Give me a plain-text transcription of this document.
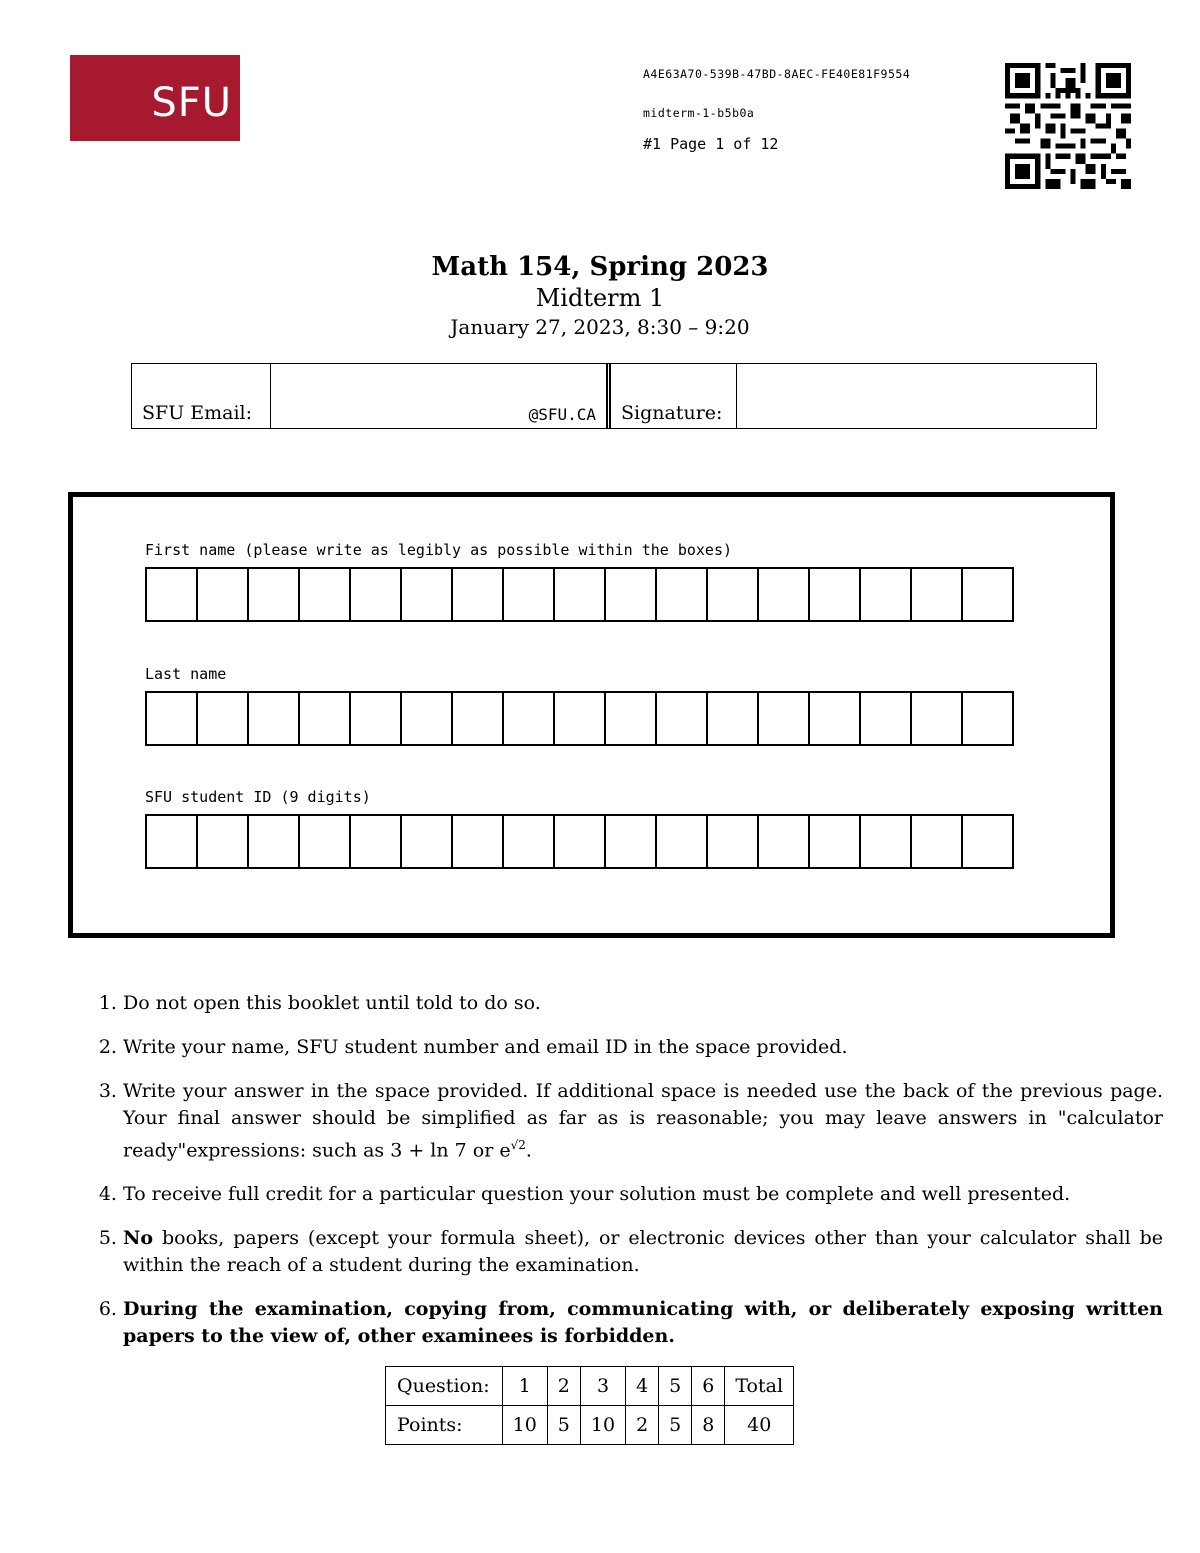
SFU
A4E63A70-539B-47BD-8AEC-FE40E81F9554
midterm-1-b5b0a
#1 Page 1 of 12
Math 154, Spring 2023
Midterm 1
January 27, 2023, 8:30 – 9:20
SFU Email:	@SFU.CA	Signature:	
First name (please write as legibly as possible within the boxes)
Last name
SFU student ID (9 digits)
1. Do not open this booklet until told to do so.
2. Write your name, SFU student number and email ID in the space provided.
3. Write your answer in the space provided. If additional space is needed use the back of the previous page. Your final answer should be simplified as far as is reasonable; you may leave answers in "calculator ready"expressions: such as 3 + ln 7 or $e^{√2}$.
4. To receive full credit for a particular question your solution must be complete and well presented.
5. No books, papers (except your formula sheet), or electronic devices other than your calculator shall be within the reach of a student during the examination.
6. During the examination, copying from, communicating with, or deliberately exposing written papers to the view of, other examinees is forbidden.
Question:	1	2	3	4	5	6	Total
Points:	10	5	10	2	5	8	40
